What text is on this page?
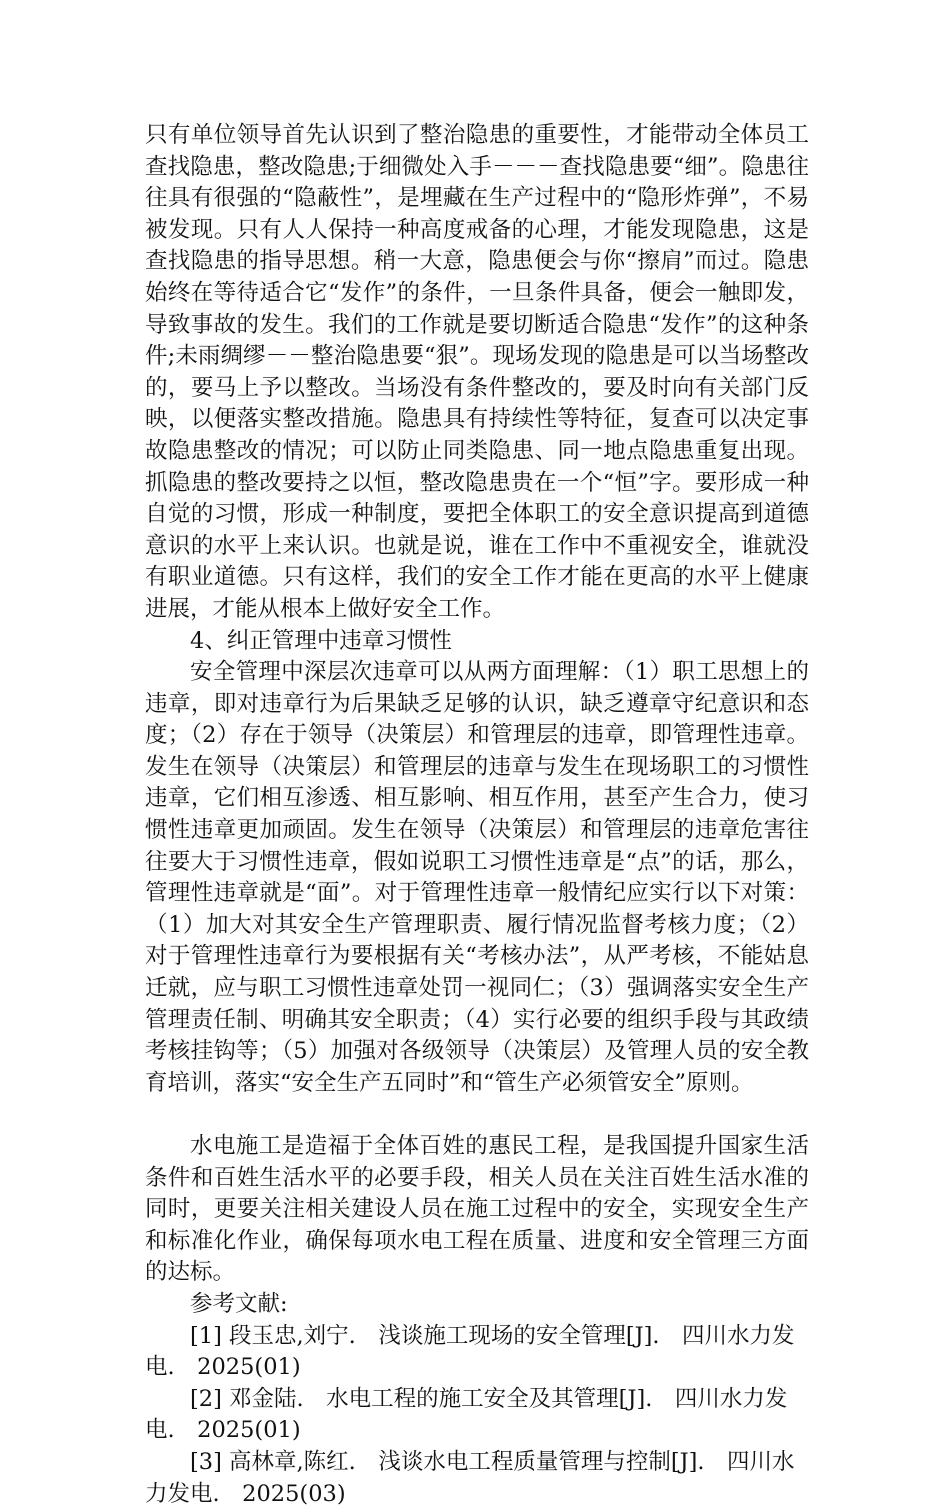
只有单位领导首先认识到了整治隐患的重要性，才能带动全体员工查找隐患，整改隐患;于细微处入手－－－查找隐患要“细”。隐患往往具有很强的“隐蔽性”，是埋藏在生产过程中的“隐形炸弹”，不易被发现。只有人人保持一种高度戒备的心理，才能发现隐患，这是查找隐患的指导思想。稍一大意，隐患便会与你“擦肩”而过。隐患始终在等待适合它“发作”的条件，一旦条件具备，便会一触即发，导致事故的发生。我们的工作就是要切断适合隐患“发作”的这种条件;未雨绸缪－－整治隐患要“狠”。现场发现的隐患是可以当场整改的，要马上予以整改。当场没有条件整改的，要及时向有关部门反映，以便落实整改措施。隐患具有持续性等特征，复查可以决定事故隐患整改的情况；可以防止同类隐患、同一地点隐患重复出现。抓隐患的整改要持之以恒，整改隐患贵在一个“恒”字。要形成一种自觉的习惯，形成一种制度，要把全体职工的安全意识提高到道德意识的水平上来认识。也就是说，谁在工作中不重视安全，谁就没有职业道德。只有这样，我们的安全工作才能在更高的水平上健康进展，才能从根本上做好安全工作。

4、纠正管理中违章习惯性

安全管理中深层次违章可以从两方面理解：（1）职工思想上的违章，即对违章行为后果缺乏足够的认识，缺乏遵章守纪意识和态度；（2）存在于领导（决策层）和管理层的违章，即管理性违章。发生在领导（决策层）和管理层的违章与发生在现场职工的习惯性违章，它们相互渗透、相互影响、相互作用，甚至产生合力，使习惯性违章更加顽固。发生在领导（决策层）和管理层的违章危害往往要大于习惯性违章，假如说职工习惯性违章是“点”的话，那么，管理性违章就是“面”。对于管理性违章一般情纪应实行以下对策：（1）加大对其安全生产管理职责、履行情况监督考核力度；（2）对于管理性违章行为要根据有关“考核办法”，从严考核，不能姑息迁就，应与职工习惯性违章处罚一视同仁；（3）强调落实安全生产管理责任制、明确其安全职责；（4）实行必要的组织手段与其政绩考核挂钩等；（5）加强对各级领导（决策层）及管理人员的安全教育培训，落实“安全生产五同时”和“管生产必须管安全”原则。

水电施工是造福于全体百姓的惠民工程，是我国提升国家生活条件和百姓生活水平的必要手段，相关人员在关注百姓生活水准的同时，更要关注相关建设人员在施工过程中的安全，实现安全生产和标准化作业，确保每项水电工程在质量、进度和安全管理三方面的达标。

参考文献:

[1] 段玉忠,刘宁.　浅谈施工现场的安全管理[J].　四川水力发电.　2025(01)

[2] 邓金陆.　水电工程的施工安全及其管理[J].　四川水力发电.　2025(01)

[3] 高林章,陈红.　浅谈水电工程质量管理与控制[J].　四川水力发电.　2025(03)
